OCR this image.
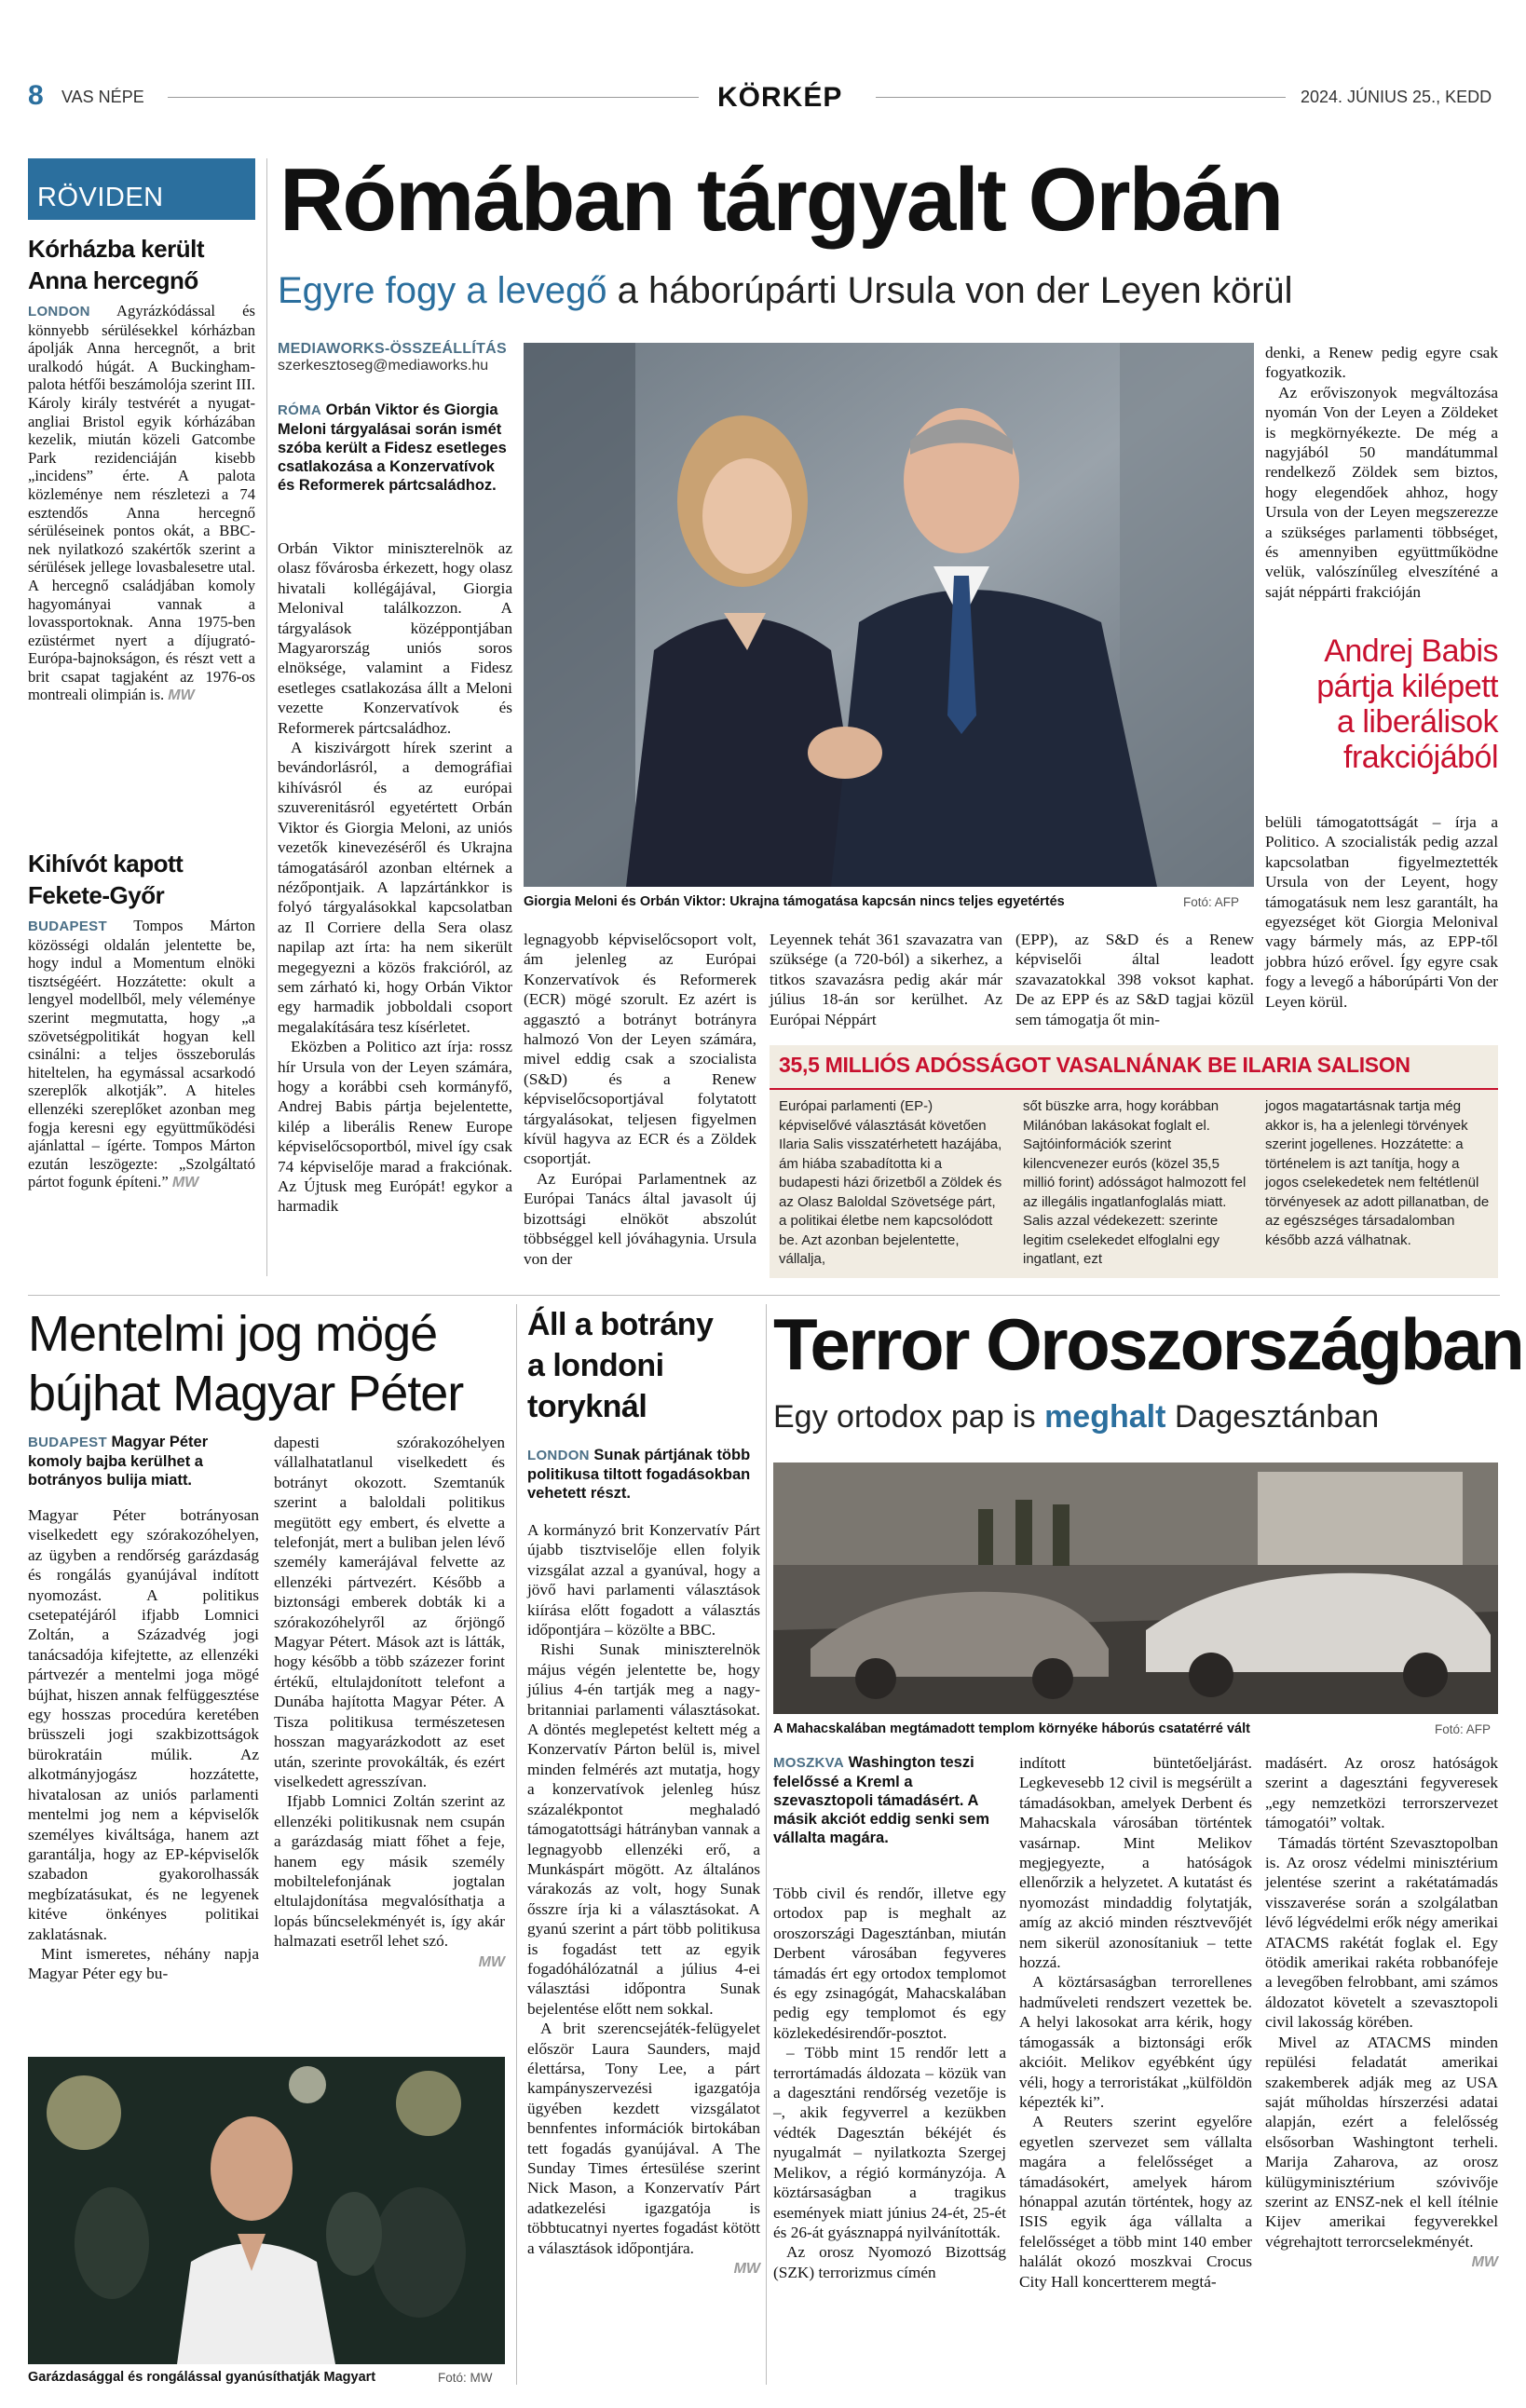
8 VAS NÉPE	KÖRKÉP	2024. JÚNIUS 25., KEDD
RÖVIDEN
Kórházba került
Anna hercegnő
LONDON Agyrázkódással és könnyebb sérülésekkel kórházban ápolják Anna hercegnőt, a brit uralkodó húgát. A Buckingham-palota hétfői beszámolója szerint III. Károly király testvérét a nyugat-angliai Bristol egyik kórházában kezelik, miután közeli Gatcombe Park rezidenciáján kisebb „incidens” érte. A palota közleménye nem részletezi a 74 esztendős Anna hercegnő sérüléseinek pontos okát, a BBC-nek nyilatkozó szakértők szerint a sérülések jellege lovasbalesetre utal. A hercegnő családjában komoly hagyományai vannak a lovassportoknak. Anna 1975-ben ezüstérmet nyert a díjugrató-Európa-bajnokságon, és részt vett a brit csapat tagjaként az 1976-os montreali olimpián is. MW
Kihívót kapott
Fekete-Győr
BUDAPEST Tompos Márton közösségi oldalán jelentette be, hogy indul a Momentum elnöki tisztségéért. Hozzátette: okult a lengyel modellből, mely véleménye szerint megmutatta, hogy „a szövetségpolitikát hogyan kell csinálni: a teljes összeborulás hiteltelen, ha egymással acsarkodó szereplők alkotják”. A hiteles ellenzéki szereplőket azonban meg fogja keresni egy együttműködési ajánlattal – ígérte. Tompos Márton ezután leszögezte: „Szolgáltató pártot fogunk építeni.” MW
Rómában tárgyalt Orbán
Egyre fogy a levegő a háborúpárti Ursula von der Leyen körül
MEDIAWORKS-ÖSSZEÁLLÍTÁS
szerkesztoseg@mediaworks.hu
RÓMA Orbán Viktor és Giorgia Meloni tárgyalásai során ismét szóba került a Fidesz esetleges csatlakozása a Konzervatívok és Reformerek pártcsaládhoz.

Orbán Viktor miniszterelnök az olasz fővárosba érkezett, hogy olasz hivatali kollégájával, Giorgia Melonival találkozzon. A tárgyalások középpontjában Magyarország uniós soros elnöksége, valamint a Fidesz esetleges csatlakozása állt a Meloni vezette Konzervatívok és Reformerek pártcsaládhoz.

A kiszivárgott hírek szerint a bevándorlásról, a demográfiai kihívásról és az európai szuverenitásról egyetértett Orbán Viktor és Giorgia Meloni, az uniós vezetők kinevezéséről és Ukrajna támogatásáról azonban eltérnek a nézőpontjaik. A lapzártánkkor is folyó tárgyalásokkal kapcsolatban az Il Corriere della Sera olasz napilap azt írta: ha nem sikerült megegyezni a közös frakcióról, az sem zárható ki, hogy Orbán Viktor egy harmadik jobboldali csoport megalakítására tesz kísérletet.

Eközben a Politico azt írja: rossz hír Ursula von der Leyen számára, hogy a korábbi cseh kormányfő, Andrej Babis pártja bejelentette, kilép a liberális Renew Europe képviselőcsoportból, mivel így csak 74 képviselője marad a frakciónak. Az Újtusk meg Európát! egykor a harmadik

Giorgia Meloni és Orbán Viktor: Ukrajna támogatása kapcsán nincs teljes egyetértés	Fotó: AFP

legnagyobb képviselőcsoport volt, ám jelenleg az Európai Konzervatívok és Reformerek (ECR) mögé szorult. Ez azért is aggasztó a botrányt botrányra halmozó Von der Leyen számára, mivel eddig csak a szocialista (S&D) és a Renew képviselőcsoportjával folytatott tárgyalásokat, teljesen figyelmen kívül hagyva az ECR és a Zöldek csoportját.

Az Európai Parlamentnek az Európai Tanács által javasolt új bizottsági elnököt abszolút többséggel kell jóváhagynia. Ursula von der

Leyennek tehát 361 szavazatra van szüksége (a 720-ból) a sikerhez, a titkos szavazásra pedig akár már július 18-án sor kerülhet. Az Európai Néppárt

(EPP), az S&D és a Renew képviselői által leadott szavazatokkal 398 voksot kaphat. De az EPP és az S&D tagjai közül sem támogatja őt min-

denki, a Renew pedig egyre csak fogyatkozik.

Az erőviszonyok megváltozása nyomán Von der Leyen a Zöldeket is megkörnyékezte. De még a nagyjából 50 mandátummal rendelkező Zöldek sem biztos, hogy elegendőek ahhoz, hogy Ursula von der Leyen megszerezze a szükséges parlamenti többséget, és amennyiben együttműködne velük, valószínűleg elveszíténé a saját néppárti frakcióján

Andrej Babis
pártja kilépett
a liberálisok
frakciójából

belüli támogatottságát – írja a Politico. A szocialisták pedig azzal kapcsolatban figyelmeztették Ursula von der Leyent, hogy támogatásuk nem lesz garantált, ha egyezséget köt Giorgia Melonival vagy bármely más, az EPP-től jobbra húzó erővel. Így egyre csak fogy a levegő a háborúpárti Von der Leyen körül.

35,5 MILLIÓS ADÓSSÁGOT VASALNÁNAK BE ILARIA SALISON
Európai parlamenti (EP-) képviselővé választását követően Ilaria Salis visszatérhetett hazájába, ám hiába szabadította ki a budapesti házi őrizetből a Zöldek és az Olasz Baloldal Szövetsége párt, a politikai életbe nem kapcsolódott be. Azt azonban bejelentette, vállalja,
sőt büszke arra, hogy korábban Milánóban lakásokat foglalt el. Sajtóinformációk szerint kilencvenezer eurós (közel 35,5 millió forint) adósságot halmozott fel az illegális ingatlanfoglalás miatt. Salis azzal védekezett: szerinte legitim cselekedet elfoglalni egy ingatlant, ezt
jogos magatartásnak tartja még akkor is, ha a jelenlegi törvények szerint jogellenes. Hozzátette: a történelem is azt tanítja, hogy a jogos cselekedetek nem feltétlenül törvényesek az adott pillanatban, de az egészséges társadalomban később azzá válhatnak.
Mentelmi jog mögé
bújhat Magyar Péter
BUDAPEST Magyar Péter komoly bajba kerülhet a botrányos bulija miatt.

Magyar Péter botrányosan viselkedett egy szórakozóhelyen, az ügyben a rendőrség garázdaság és rongálás gyanújával indított nyomozást. A politikus csetepatéjáról ifjabb Lomnici Zoltán, a Századvég jogi tanácsadója kifejtette, az ellenzéki pártvezér a mentelmi joga mögé bújhat, hiszen annak felfüggesztése egy hosszas procedúra keretében brüsszeli jogi szakbizottságok bürokratáin múlik. Az alkotmányjogász hozzátette, hivatalosan az uniós parlamenti mentelmi jog nem a képviselők személyes kiváltsága, hanem azt garantálja, hogy az EP-képviselők szabadon gyakorolhassák megbízatásukat, és ne legyenek kitéve önkényes politikai zaklatásnak.

Mint ismeretes, néhány napja Magyar Péter egy bu-

dapesti szórakozóhelyen vállalhatatlanul viselkedett és botrányt okozott. Szemtanúk szerint a baloldali politikus megütött egy embert, és elvette a telefonját, mert a buliban jelen lévő személy kamerájával felvette az ellenzéki pártvezért. Később a biztonsági emberek dobták ki a szórakozóhelyről az őrjöngő Magyar Pétert. Mások azt is látták, hogy később a több százezer forint értékű, eltulajdonított telefont a Dunába hajította Magyar Péter. A Tisza politikusa természetesen hosszan magyarázkodott az eset után, szerinte provokálták, és ezért viselkedett agresszívan.

Ifjabb Lomnici Zoltán szerint az ellenzéki politikusnak nem csupán a garázdaság miatt főhet a feje, hanem egy másik személy mobiltelefonjának jogtalan eltulajdonítása megvalósíthatja a lopás bűncselekményét is, így akár halmazati esetről lehet szó.

MW
Garázdasággal és rongálással gyanúsíthatják Magyart	Fotó: MW
Áll a botrány
a londoni
toryknál
LONDON Sunak pártjának több politikusa tiltott fogadásokban vehetett részt.

A kormányzó brit Konzervatív Párt újabb tisztviselője ellen folyik vizsgálat azzal a gyanúval, hogy a jövő havi parlamenti választások kiírása előtt fogadott a választás időpontjára – közölte a BBC.

Rishi Sunak miniszterelnök május végén jelentette be, hogy július 4-én tartják meg a nagy-britanniai parlamenti választásokat. A döntés meglepetést keltett még a Konzervatív Párton belül is, mivel minden felmérés azt mutatja, hogy a konzervatívok jelenleg húsz százalékpontot meghaladó támogatottsági hátrányban vannak a legnagyobb ellenzéki erő, a Munkáspárt mögött. Az általános várakozás az volt, hogy Sunak ősszre írja ki a választásokat. A gyanú szerint a párt több politikusa is fogadást tett az egyik fogadóhálózatnál a július 4-ei választási időpontra Sunak bejelentése előtt nem sokkal.

A brit szerencsejáték-felügyelet először Laura Saunders, majd élettársa, Tony Lee, a párt kampányszervezési igazgatója ügyében kezdett vizsgálatot bennfentes információk birtokában tett fogadás gyanújával. A The Sunday Times értesülése szerint Nick Mason, a Konzervatív Párt adatkezelési igazgatója is többtucatnyi nyertes fogadást kötött a választások időpontjára.

MW
Terror Oroszországban
Egy ortodox pap is meghalt Dagesztánban
A Mahacskalában megtámadott templom környéke háborús csatatérré vált	Fotó: AFP
MOSZKVA Washington teszi felelőssé a Kreml a szevasztopoli támadásért. A másik akciót eddig senki sem vállalta magára.

Több civil és rendőr, illetve egy ortodox pap is meghalt az oroszországi Dagesztánban, miután Derbent városában fegyveres támadás ért egy ortodox templomot és egy zsinagógát, Mahacskalában pedig egy templomot és egy közlekedésirendőr-posztot.

– Több mint 15 rendőr lett a terrortámadás áldozata – közük van a dagesztáni rendőrség vezetője is –, akik fegyverrel a kezükben védték Dagesztán békéjét és nyugalmát – nyilatkozta Szergej Melikov, a régió kormányzója. A köztársaságban a tragikus események miatt június 24-ét, 25-ét és 26-át gyásznappá nyilvánították.

Az orosz Nyomozó Bizottság (SZK) terrorizmus címén

indított büntetőeljárást. Legkevesebb 12 civil is megsérült a támadásokban, amelyek Derbent és Mahacskala városában történtek vasárnap. Mint Melikov megjegyezte, a hatóságok ellenőrzik a helyzetet. A kutatást és nyomozást mindaddig folytatják, amíg az akció minden résztvevőjét nem sikerül azonosítaniuk – tette hozzá.

A köztársaságban terrorellenes hadműveleti rendszert vezettek be. A helyi lakosokat arra kérik, hogy támogassák a biztonsági erők akcióit. Melikov egyébként úgy véli, hogy a terroristákat „külföldön képezték ki”.

A Reuters szerint egyelőre egyetlen szervezet sem vállalta magára a felelősséget a támadásokért, amelyek három hónappal azután történtek, hogy az ISIS egyik ága vállalta a felelősséget a több mint 140 ember halálát okozó moszkvai Crocus City Hall koncertterem megtá-

madásért. Az orosz hatóságok szerint a dagesztáni fegyveresek „egy nemzetközi terrorszervezet támogatói” voltak.

Támadás történt Szevasztopolban is. Az orosz védelmi minisztérium jelentése szerint a rakétatámadás visszaverése során a szolgálatban lévő légvédelmi erők négy amerikai ATACMS rakétát foglak el. Egy ötödik amerikai rakéta robbanófeje a levegőben felrobbant, ami számos áldozatot követelt a szevasztopoli civil lakosság körében.

Mivel az ATACMS minden repülési feladatát amerikai szakemberek adják meg az USA saját műholdas hírszerzési adatai alapján, ezért a felelősség elsősorban Washingtont terheli. Marija Zaharova, az orosz külügyminisztérium szóvivője szerint az ENSZ-nek el kell ítélnie Kijev amerikai fegyverekkel végrehajtott terrorcselekményét.

MW
